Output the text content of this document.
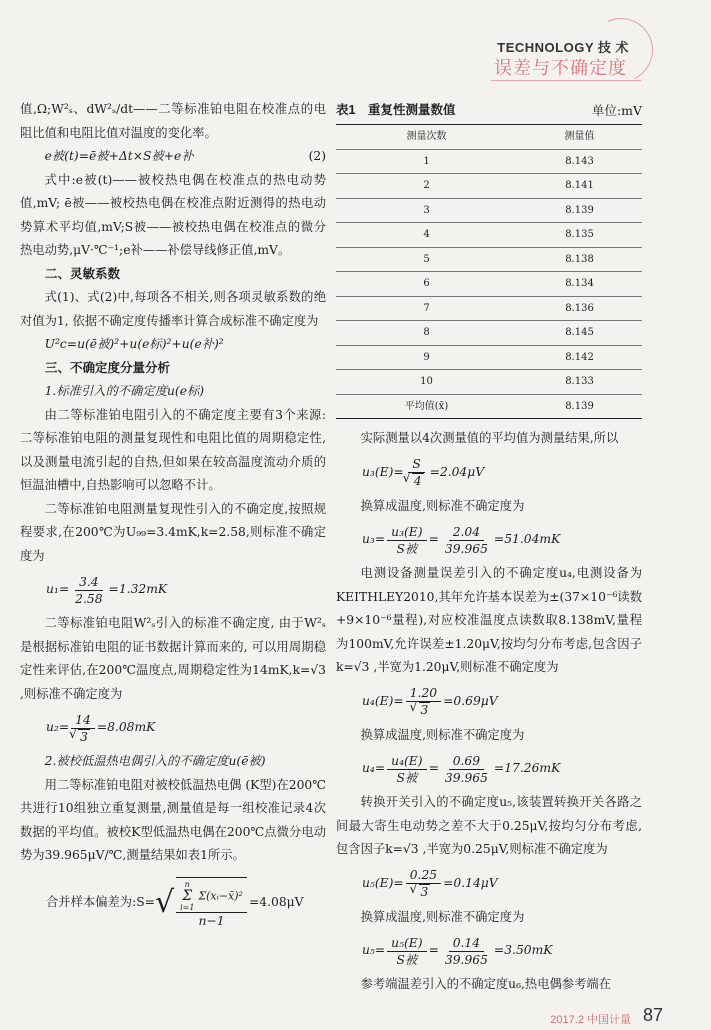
TECHNOLOGY 技 术
误差与不确定度

值,Ω;W²ₛ、dW²ₛ/dt——二等标准铂电阻在校准点的电阻比值和电阻比值对温度的变化率。

e被(t)=ē被+Δt×S被+e补	(2)

式中:e被(t)——被校热电偶在校准点的热电动势值,mV; ē被——被校热电偶在校准点附近测得的热电动势算术平均值,mV;S被——被校热电偶在校准点的微分热电动势,μV·℃⁻¹;e补——补偿导线修正值,mV。

二、灵敏系数

式(1)、式(2)中,每项各不相关,则各项灵敏系数的绝对值为1, 依据不确定度传播率计算合成标准不确定度为

U²c=u(ē被)²+u(e标)²+u(e补)²

三、不确定度分量分析

1.标准引入的不确定度u(e标)

由二等标准铂电阻引入的不确定度主要有3个来源:二等标准铂电阻的测量复现性和电阻比值的周期稳定性,以及测量电流引起的自热,但如果在较高温度流动介质的恒温油槽中,自热影响可以忽略不计。

二等标准铂电阻测量复现性引入的不确定度,按照规程要求,在200℃为U₉₉=3.4mK,k=2.58,则标准不确定度为

$u_1= \frac{3.4}{2.58} =1.32mK$

二等标准铂电阻W²ₛ引入的标准不确定度, 由于W²ₛ是根据标准铂电阻的证书数据计算而来的, 可以用周期稳定性来评估,在200℃温度点,周期稳定性为14mK,k=√3 ,则标准不确定度为

u₂= 14
√ 3 =8.08mK

2.被校低温热电偶引入的不确定度u(ē被)

用二等标准铂电阻对被校低温热电偶 (K型)在200℃共进行10组独立重复测量,测量值是每一组校准记录4次数据的平均值。被校K型低温热电偶在200℃点微分电动势为39.965μV/℃,测量结果如表1所示。

合并样本偏差为:S= √ n
Σ
i=1
Σ(xᵢ−x̄)²
n−1 =4.08μV
表1　重复性测量数值	单位:mV
测量次数	测量值
1	8.143
2	8.141
3	8.139
4	8.135
5	8.138
6	8.134
7	8.136
8	8.145
9	8.142
10	8.133
平均值(x̄)	8.139

实际测量以4次测量值的平均值为测量结果,所以

u₃(E)= S
√ 4 =2.04μV

换算成温度,则标准不确定度为

$u_3= \frac{\text{u₃(E)}}{\text{S被}} = \frac{2.04}{39.965} =51.04mK$

电测设备测量误差引入的不确定度u₄,电测设备为KEITHLEY2010,其年允许基本误差为±(37×10⁻⁶读数+9×10⁻⁶量程),对应校准温度点读数取8.138mV,量程为100mV,允许误差±1.20μV,按均匀分布考虑,包含因子k=√3 ,半宽为1.20μV,则标准不确定度为

u₄(E)= 1.20
√ 3 =0.69μV

换算成温度,则标准不确定度为

$u_4= \frac{\text{u₄(E)}}{\text{S被}} = \frac{0.69}{39.965} =17.26mK$

转换开关引入的不确定度u₅,该装置转换开关各路之间最大寄生电动势之差不大于0.25μV,按均匀分布考虑,包含因子k=√3 ,半宽为0.25μV,则标准不确定度为

u₅(E)= 0.25
√ 3 =0.14μV

换算成温度,则标准不确定度为

$u_5= \frac{\text{u₅(E)}}{\text{S被}} = \frac{0.14}{39.965} =3.50mK$

参考端温差引入的不确定度u₆,热电偶参考端在

2017.2 中国计量 87
